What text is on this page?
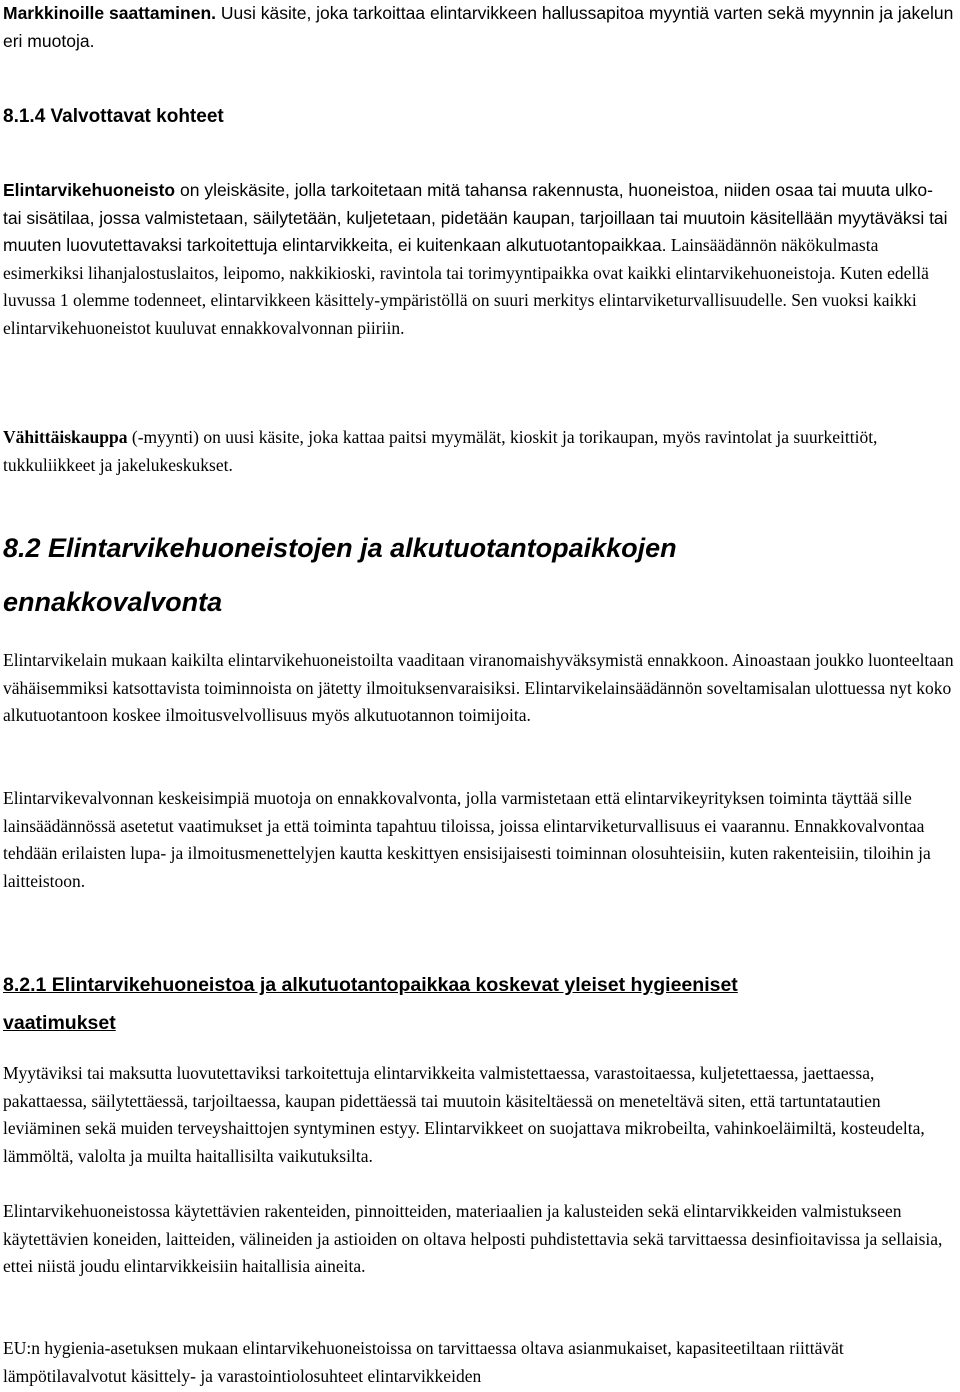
Markkinoille saattaminen. Uusi käsite, joka tarkoittaa elintarvikkeen hallussapitoa myyntiä varten sekä myynnin ja jakelun eri muotoja.

8.1.4 Valvottavat kohteet

Elintarvikehuoneisto on yleiskäsite, jolla tarkoitetaan mitä tahansa rakennusta, huoneistoa, niiden osaa tai muuta ulko- tai sisätilaa, jossa valmistetaan, säilytetään, kuljetetaan, pidetään kaupan, tarjoillaan tai muutoin käsitellään myytäväksi tai muuten luovutettavaksi tarkoitettuja elintarvikkeita, ei kuitenkaan alkutuotantopaikkaa. Lainsäädännön näkökulmasta esimerkiksi lihanjalostuslaitos, leipomo, nakkikioski, ravintola tai torimyyntipaikka ovat kaikki elintarvikehuoneistoja. Kuten edellä luvussa 1 olemme todenneet, elintarvikkeen käsittely-ympäristöllä on suuri merkitys elintarviketurvallisuudelle. Sen vuoksi kaikki elintarvikehuoneistot kuuluvat ennakkovalvonnan piiriin.

Vähittäiskauppa (-myynti) on uusi käsite, joka kattaa paitsi myymälät, kioskit ja torikaupan, myös ravintolat ja suurkeittiöt, tukkuliikkeet ja jakelukeskukset.

8.2 Elintarvikehuoneistojen ja alkutuotantopaikkojen
ennakkovalvonta

Elintarvikelain mukaan kaikilta elintarvikehuoneistoilta vaaditaan viranomaishyväksymistä ennakkoon. Ainoastaan joukko luonteeltaan vähäisemmiksi katsottavista toiminnoista on jätetty ilmoituksenvaraisiksi. Elintarvikelainsäädännön soveltamisalan ulottuessa nyt koko alkutuotantoon koskee ilmoitusvelvollisuus myös alkutuotannon toimijoita.

Elintarvikevalvonnan keskeisimpiä muotoja on ennakkovalvonta, jolla varmistetaan että elintarvikeyrityksen toiminta täyttää sille lainsäädännössä asetetut vaatimukset ja että toiminta tapahtuu tiloissa, joissa elintarviketurvallisuus ei vaarannu. Ennakkovalvontaa tehdään erilaisten lupa- ja ilmoitusmenettelyjen kautta keskittyen ensisijaisesti toiminnan olosuhteisiin, kuten rakenteisiin, tiloihin ja laitteistoon.

8.2.1 Elintarvikehuoneistoa ja alkutuotantopaikkaa koskevat yleiset hygieeniset
vaatimukset

Myytäviksi tai maksutta luovutettaviksi tarkoitettuja elintarvikkeita valmistettaessa, varastoitaessa, kuljetettaessa, jaettaessa, pakattaessa, säilytettäessä, tarjoiltaessa, kaupan pidettäessä tai muutoin käsiteltäessä on meneteltävä siten, että tartuntatautien leviäminen sekä muiden terveyshaittojen syntyminen estyy. Elintarvikkeet on suojattava mikrobeilta, vahinkoeläimiltä, kosteudelta, lämmöltä, valolta ja muilta haitallisilta vaikutuksilta.

Elintarvikehuoneistossa käytettävien rakenteiden, pinnoitteiden, materiaalien ja kalusteiden sekä elintarvikkeiden valmistukseen käytettävien koneiden, laitteiden, välineiden ja astioiden on oltava helposti puhdistettavia sekä tarvittaessa desinfioitavissa ja sellaisia, ettei niistä joudu elintarvikkeisiin haitallisia aineita.

EU:n hygienia-asetuksen mukaan elintarvikehuoneistoissa on tarvittaessa oltava asianmukaiset, kapasiteetiltaan riittävät lämpötilavalvotut käsittely- ja varastointiolosuhteet elintarvikkeiden
